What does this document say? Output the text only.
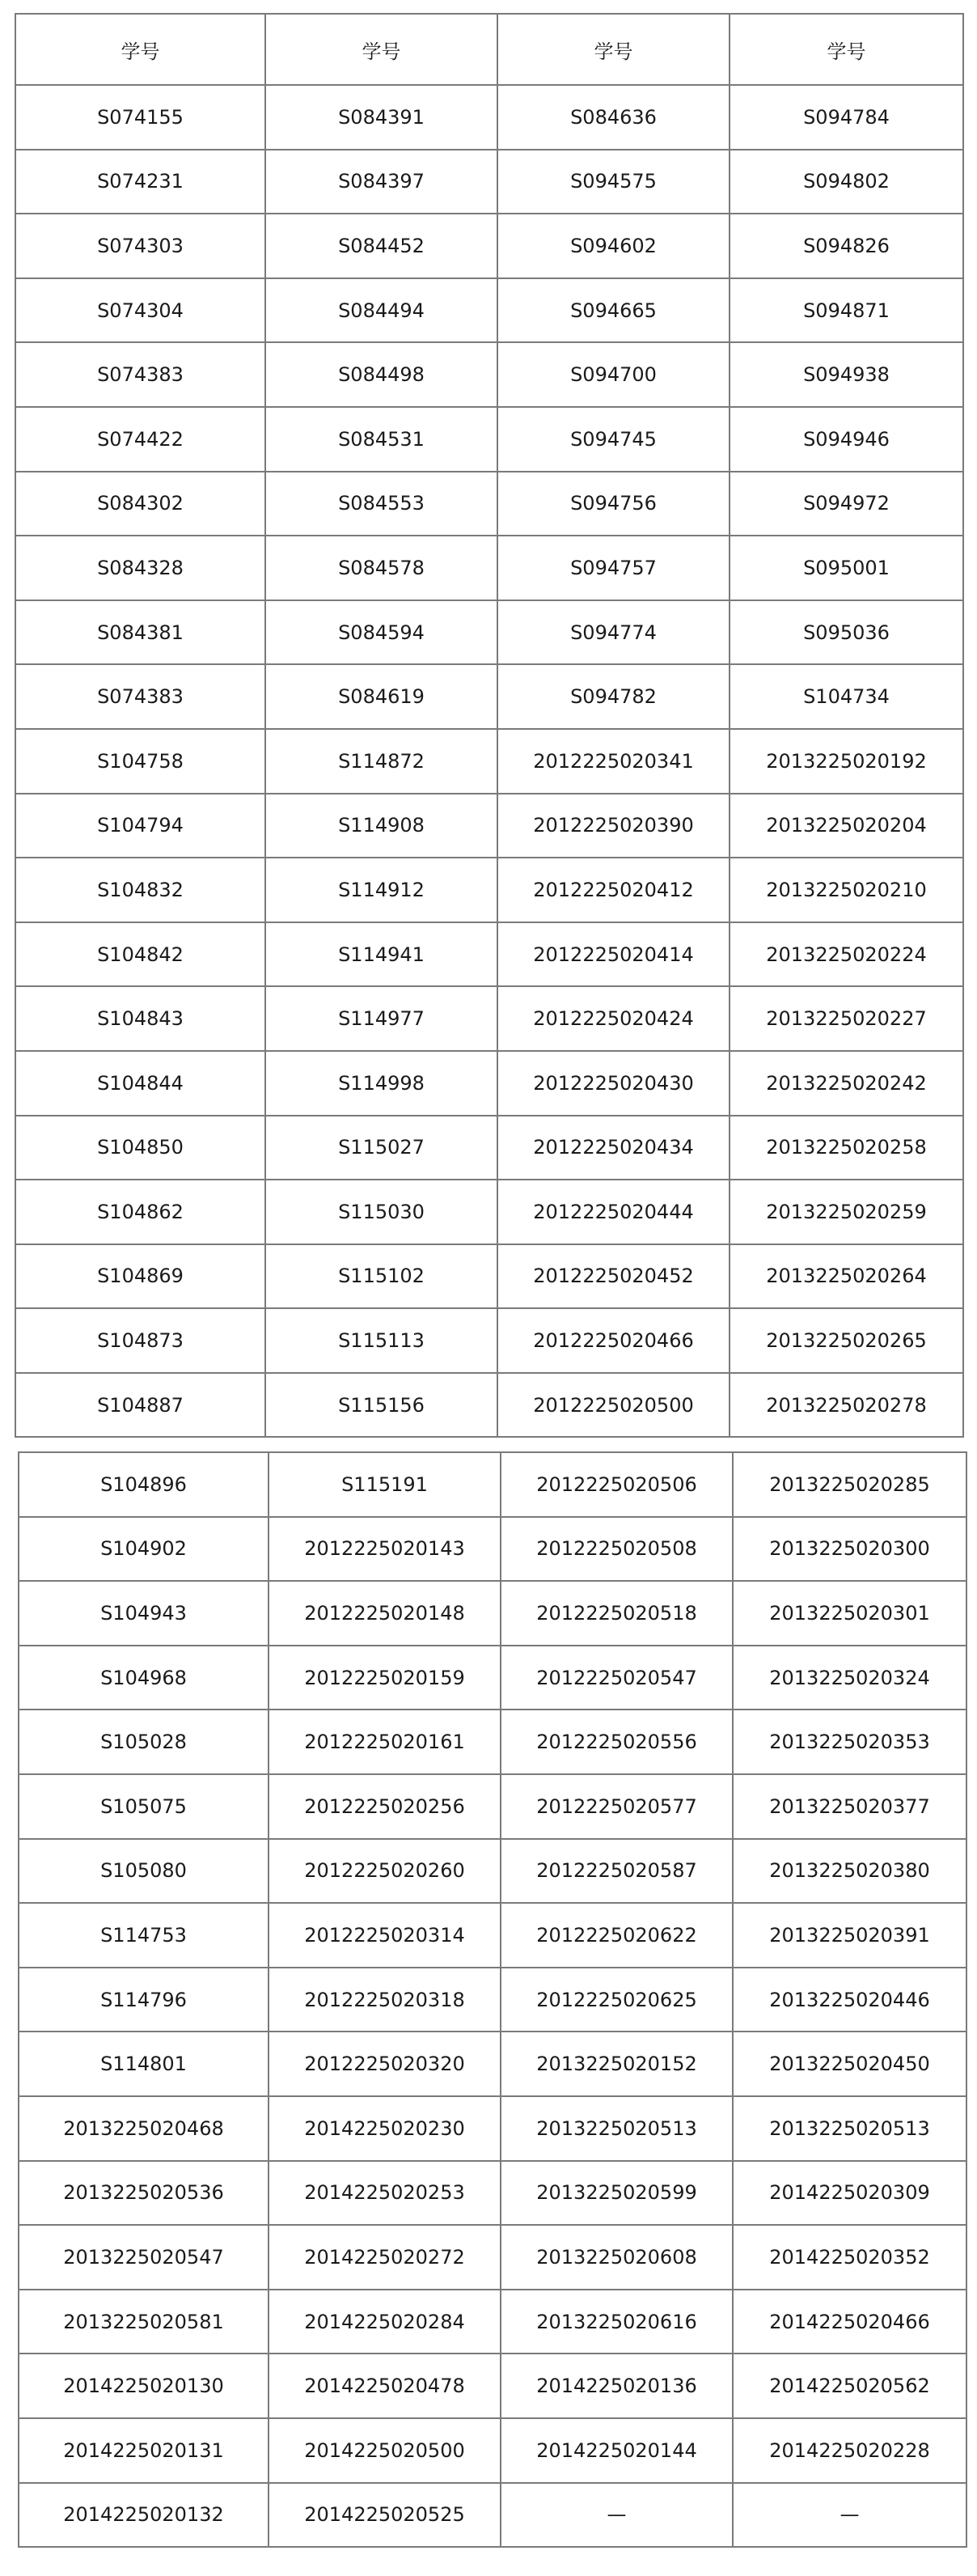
学号	学号	学号	学号
S074155	S084391	S084636	S094784
S074231	S084397	S094575	S094802
S074303	S084452	S094602	S094826
S074304	S084494	S094665	S094871
S074383	S084498	S094700	S094938
S074422	S084531	S094745	S094946
S084302	S084553	S094756	S094972
S084328	S084578	S094757	S095001
S084381	S084594	S094774	S095036
S074383	S084619	S094782	S104734
S104758	S114872	2012225020341	2013225020192
S104794	S114908	2012225020390	2013225020204
S104832	S114912	2012225020412	2013225020210
S104842	S114941	2012225020414	2013225020224
S104843	S114977	2012225020424	2013225020227
S104844	S114998	2012225020430	2013225020242
S104850	S115027	2012225020434	2013225020258
S104862	S115030	2012225020444	2013225020259
S104869	S115102	2012225020452	2013225020264
S104873	S115113	2012225020466	2013225020265
S104887	S115156	2012225020500	2013225020278
S104896	S115191	2012225020506	2013225020285
S104902	2012225020143	2012225020508	2013225020300
S104943	2012225020148	2012225020518	2013225020301
S104968	2012225020159	2012225020547	2013225020324
S105028	2012225020161	2012225020556	2013225020353
S105075	2012225020256	2012225020577	2013225020377
S105080	2012225020260	2012225020587	2013225020380
S114753	2012225020314	2012225020622	2013225020391
S114796	2012225020318	2012225020625	2013225020446
S114801	2012225020320	2013225020152	2013225020450
2013225020468	2014225020230	2013225020513	2013225020513
2013225020536	2014225020253	2013225020599	2014225020309
2013225020547	2014225020272	2013225020608	2014225020352
2013225020581	2014225020284	2013225020616	2014225020466
2014225020130	2014225020478	2014225020136	2014225020562
2014225020131	2014225020500	2014225020144	2014225020228
2014225020132	2014225020525	—	—
